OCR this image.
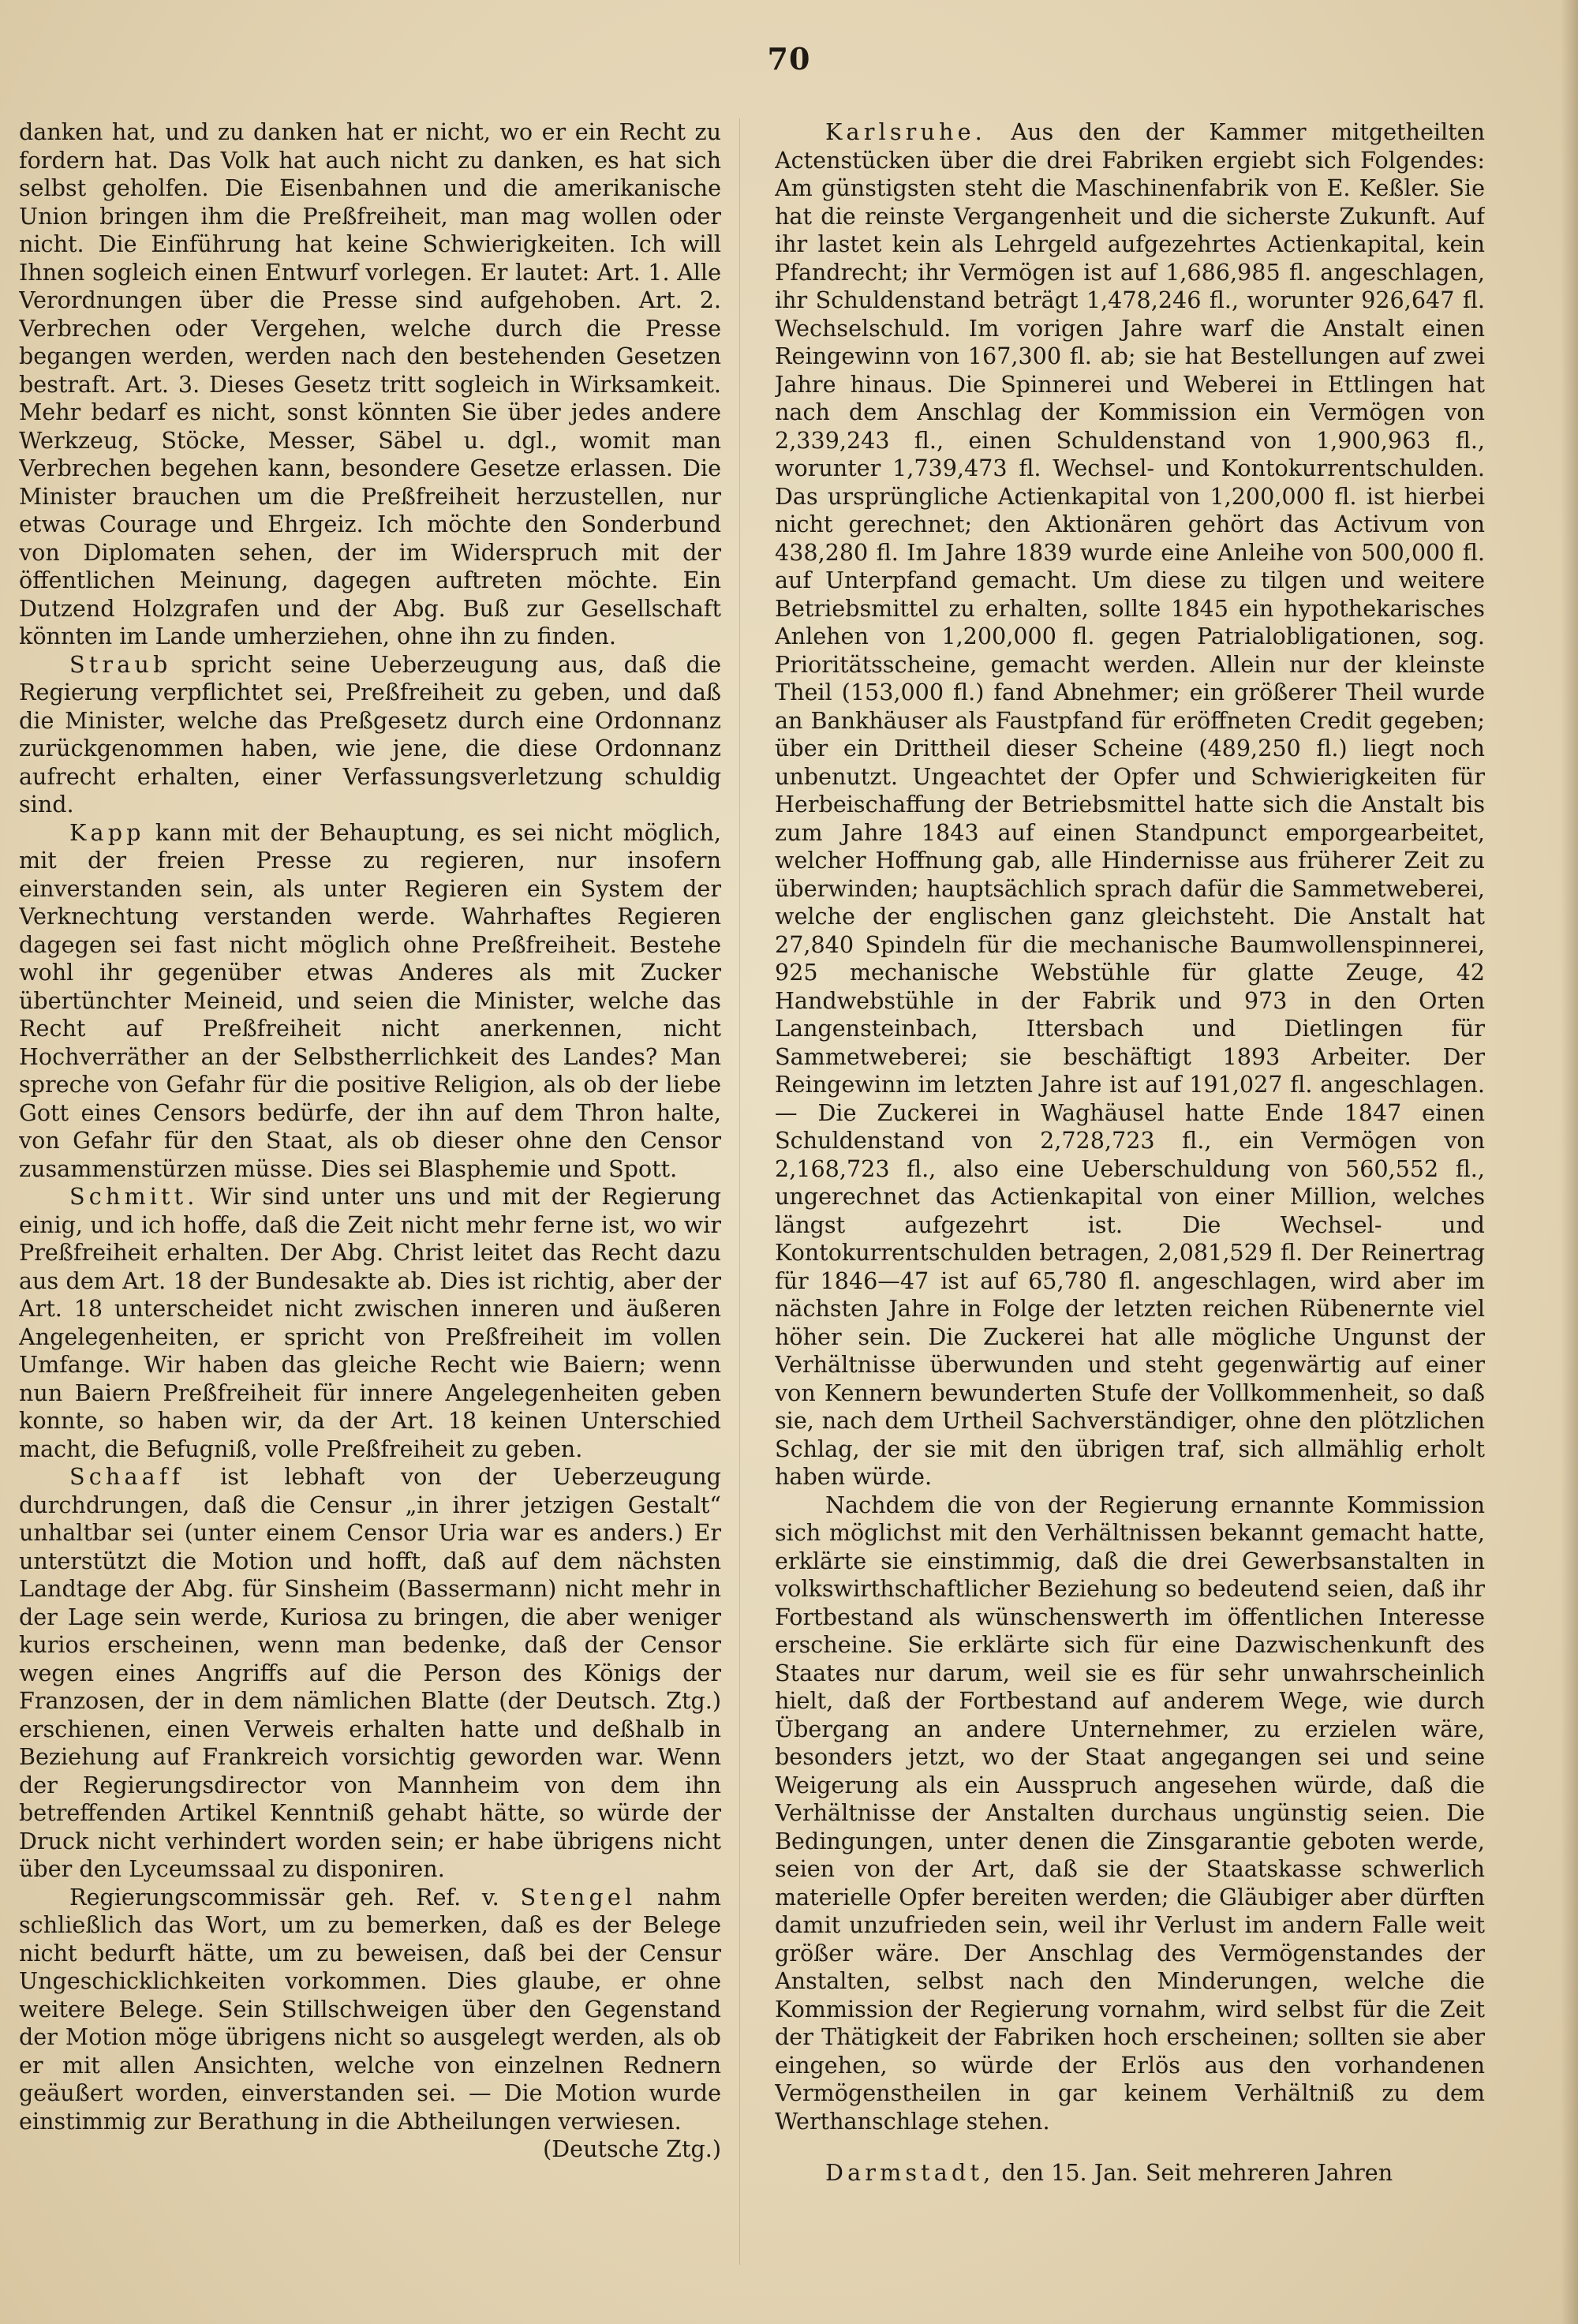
70

danken hat, und zu danken hat er nicht, wo er ein Recht zu fordern hat. Das Volk hat auch nicht zu danken, es hat sich selbst geholfen. Die Eisenbahnen und die amerikanische Union bringen ihm die Preßfreiheit, man mag wollen oder nicht. Die Einführung hat keine Schwierigkeiten. Ich will Ihnen sogleich einen Entwurf vorlegen. Er lautet: Art. 1. Alle Verordnungen über die Presse sind aufgehoben. Art. 2. Verbrechen oder Vergehen, welche durch die Presse begangen werden, werden nach den bestehenden Gesetzen bestraft. Art. 3. Dieses Gesetz tritt sogleich in Wirksamkeit. Mehr bedarf es nicht, sonst könnten Sie über jedes andere Werkzeug, Stöcke, Messer, Säbel u. dgl., womit man Verbrechen begehen kann, besondere Gesetze erlassen. Die Minister brauchen um die Preßfreiheit herzustellen, nur etwas Courage und Ehrgeiz. Ich möchte den Sonderbund von Diplomaten sehen, der im Widerspruch mit der öffentlichen Meinung, dagegen auftreten möchte. Ein Dutzend Holzgrafen und der Abg. Buß zur Gesellschaft könnten im Lande umherziehen, ohne ihn zu finden.

Straub spricht seine Ueberzeugung aus, daß die Regierung verpflichtet sei, Preßfreiheit zu geben, und daß die Minister, welche das Preßgesetz durch eine Ordonnanz zurückgenommen haben, wie jene, die diese Ordonnanz aufrecht erhalten, einer Verfassungsverletzung schuldig sind.

Kapp kann mit der Behauptung, es sei nicht möglich, mit der freien Presse zu regieren, nur insofern einverstanden sein, als unter Regieren ein System der Verknechtung verstanden werde. Wahrhaftes Regieren dagegen sei fast nicht möglich ohne Preßfreiheit. Bestehe wohl ihr gegenüber etwas Anderes als mit Zucker übertünchter Meineid, und seien die Minister, welche das Recht auf Preßfreiheit nicht anerkennen, nicht Hochverräther an der Selbstherrlichkeit des Landes? Man spreche von Gefahr für die positive Religion, als ob der liebe Gott eines Censors bedürfe, der ihn auf dem Thron halte, von Gefahr für den Staat, als ob dieser ohne den Censor zusammenstürzen müsse. Dies sei Blasphemie und Spott.

Schmitt. Wir sind unter uns und mit der Regierung einig, und ich hoffe, daß die Zeit nicht mehr ferne ist, wo wir Preßfreiheit erhalten. Der Abg. Christ leitet das Recht dazu aus dem Art. 18 der Bundesakte ab. Dies ist richtig, aber der Art. 18 unterscheidet nicht zwischen inneren und äußeren Angelegenheiten, er spricht von Preßfreiheit im vollen Umfange. Wir haben das gleiche Recht wie Baiern; wenn nun Baiern Preßfreiheit für innere Angelegenheiten geben konnte, so haben wir, da der Art. 18 keinen Unterschied macht, die Befugniß, volle Preßfreiheit zu geben.

Schaaff ist lebhaft von der Ueberzeugung durchdrungen, daß die Censur „in ihrer jetzigen Gestalt“ unhaltbar sei (unter einem Censor Uria war es anders.) Er unterstützt die Motion und hofft, daß auf dem nächsten Landtage der Abg. für Sinsheim (Bassermann) nicht mehr in der Lage sein werde, Kuriosa zu bringen, die aber weniger kurios erscheinen, wenn man bedenke, daß der Censor wegen eines Angriffs auf die Person des Königs der Franzosen, der in dem nämlichen Blatte (der Deutsch. Ztg.) erschienen, einen Verweis erhalten hatte und deßhalb in Beziehung auf Frankreich vorsichtig geworden war. Wenn der Regierungsdirector von Mannheim von dem ihn betreffenden Artikel Kenntniß gehabt hätte, so würde der Druck nicht verhindert worden sein; er habe übrigens nicht über den Lyceumssaal zu disponiren.

Regierungscommissär geh. Ref. v. Stengel nahm schließlich das Wort, um zu bemerken, daß es der Belege nicht bedurft hätte, um zu beweisen, daß bei der Censur Ungeschicklichkeiten vorkommen. Dies glaube, er ohne weitere Belege. Sein Stillschweigen über den Gegenstand der Motion möge übrigens nicht so ausgelegt werden, als ob er mit allen Ansichten, welche von einzelnen Rednern geäußert worden, einverstanden sei. — Die Motion wurde einstimmig zur Berathung in die Abtheilungen verwiesen.
(Deutsche Ztg.)

Karlsruhe. Aus den der Kammer mitgetheilten Actenstücken über die drei Fabriken ergiebt sich Folgendes: Am günstigsten steht die Maschinenfabrik von E. Keßler. Sie hat die reinste Vergangenheit und die sicherste Zukunft. Auf ihr lastet kein als Lehrgeld aufgezehrtes Actienkapital, kein Pfandrecht; ihr Vermögen ist auf 1,686,985 fl. angeschlagen, ihr Schuldenstand beträgt 1,478,246 fl., worunter 926,647 fl. Wechselschuld. Im vorigen Jahre warf die Anstalt einen Reingewinn von 167,300 fl. ab; sie hat Bestellungen auf zwei Jahre hinaus. Die Spinnerei und Weberei in Ettlingen hat nach dem Anschlag der Kommission ein Vermögen von 2,339,243 fl., einen Schuldenstand von 1,900,963 fl., worunter 1,739,473 fl. Wechsel- und Kontokurrentschulden. Das ursprüngliche Actienkapital von 1,200,000 fl. ist hierbei nicht gerechnet; den Aktionären gehört das Activum von 438,280 fl. Im Jahre 1839 wurde eine Anleihe von 500,000 fl. auf Unterpfand gemacht. Um diese zu tilgen und weitere Betriebsmittel zu erhalten, sollte 1845 ein hypothekarisches Anlehen von 1,200,000 fl. gegen Patrialobligationen, sog. Prioritätsscheine, gemacht werden. Allein nur der kleinste Theil (153,000 fl.) fand Abnehmer; ein größerer Theil wurde an Bankhäuser als Faustpfand für eröffneten Credit gegeben; über ein Drittheil dieser Scheine (489,250 fl.) liegt noch unbenutzt. Ungeachtet der Opfer und Schwierigkeiten für Herbeischaffung der Betriebsmittel hatte sich die Anstalt bis zum Jahre 1843 auf einen Standpunct emporgearbeitet, welcher Hoffnung gab, alle Hindernisse aus früherer Zeit zu überwinden; hauptsächlich sprach dafür die Sammetweberei, welche der englischen ganz gleichsteht. Die Anstalt hat 27,840 Spindeln für die mechanische Baumwollenspinnerei, 925 mechanische Webstühle für glatte Zeuge, 42 Handwebstühle in der Fabrik und 973 in den Orten Langensteinbach, Ittersbach und Dietlingen für Sammetweberei; sie beschäftigt 1893 Arbeiter. Der Reingewinn im letzten Jahre ist auf 191,027 fl. angeschlagen. — Die Zuckerei in Waghäusel hatte Ende 1847 einen Schuldenstand von 2,728,723 fl., ein Vermögen von 2,168,723 fl., also eine Ueberschuldung von 560,552 fl., ungerechnet das Actienkapital von einer Million, welches längst aufgezehrt ist. Die Wechsel- und Kontokurrentschulden betragen, 2,081,529 fl. Der Reinertrag für 1846—47 ist auf 65,780 fl. angeschlagen, wird aber im nächsten Jahre in Folge der letzten reichen Rübenernte viel höher sein. Die Zuckerei hat alle mögliche Ungunst der Verhältnisse überwunden und steht gegenwärtig auf einer von Kennern bewunderten Stufe der Vollkommenheit, so daß sie, nach dem Urtheil Sachverständiger, ohne den plötzlichen Schlag, der sie mit den übrigen traf, sich allmählig erholt haben würde.

Nachdem die von der Regierung ernannte Kommission sich möglichst mit den Verhältnissen bekannt gemacht hatte, erklärte sie einstimmig, daß die drei Gewerbsanstalten in volkswirthschaftlicher Beziehung so bedeutend seien, daß ihr Fortbestand als wünschenswerth im öffentlichen Interesse erscheine. Sie erklärte sich für eine Dazwischenkunft des Staates nur darum, weil sie es für sehr unwahrscheinlich hielt, daß der Fortbestand auf anderem Wege, wie durch Übergang an andere Unternehmer, zu erzielen wäre, besonders jetzt, wo der Staat angegangen sei und seine Weigerung als ein Ausspruch angesehen würde, daß die Verhältnisse der Anstalten durchaus ungünstig seien. Die Bedingungen, unter denen die Zinsgarantie geboten werde, seien von der Art, daß sie der Staatskasse schwerlich materielle Opfer bereiten werden; die Gläubiger aber dürften damit unzufrieden sein, weil ihr Verlust im andern Falle weit größer wäre. Der Anschlag des Vermögenstandes der Anstalten, selbst nach den Minderungen, welche die Kommission der Regierung vornahm, wird selbst für die Zeit der Thätigkeit der Fabriken hoch erscheinen; sollten sie aber eingehen, so würde der Erlös aus den vorhandenen Vermögenstheilen in gar keinem Verhältniß zu dem Werthanschlage stehen.

Darmstadt, den 15. Jan. Seit mehreren Jahren
